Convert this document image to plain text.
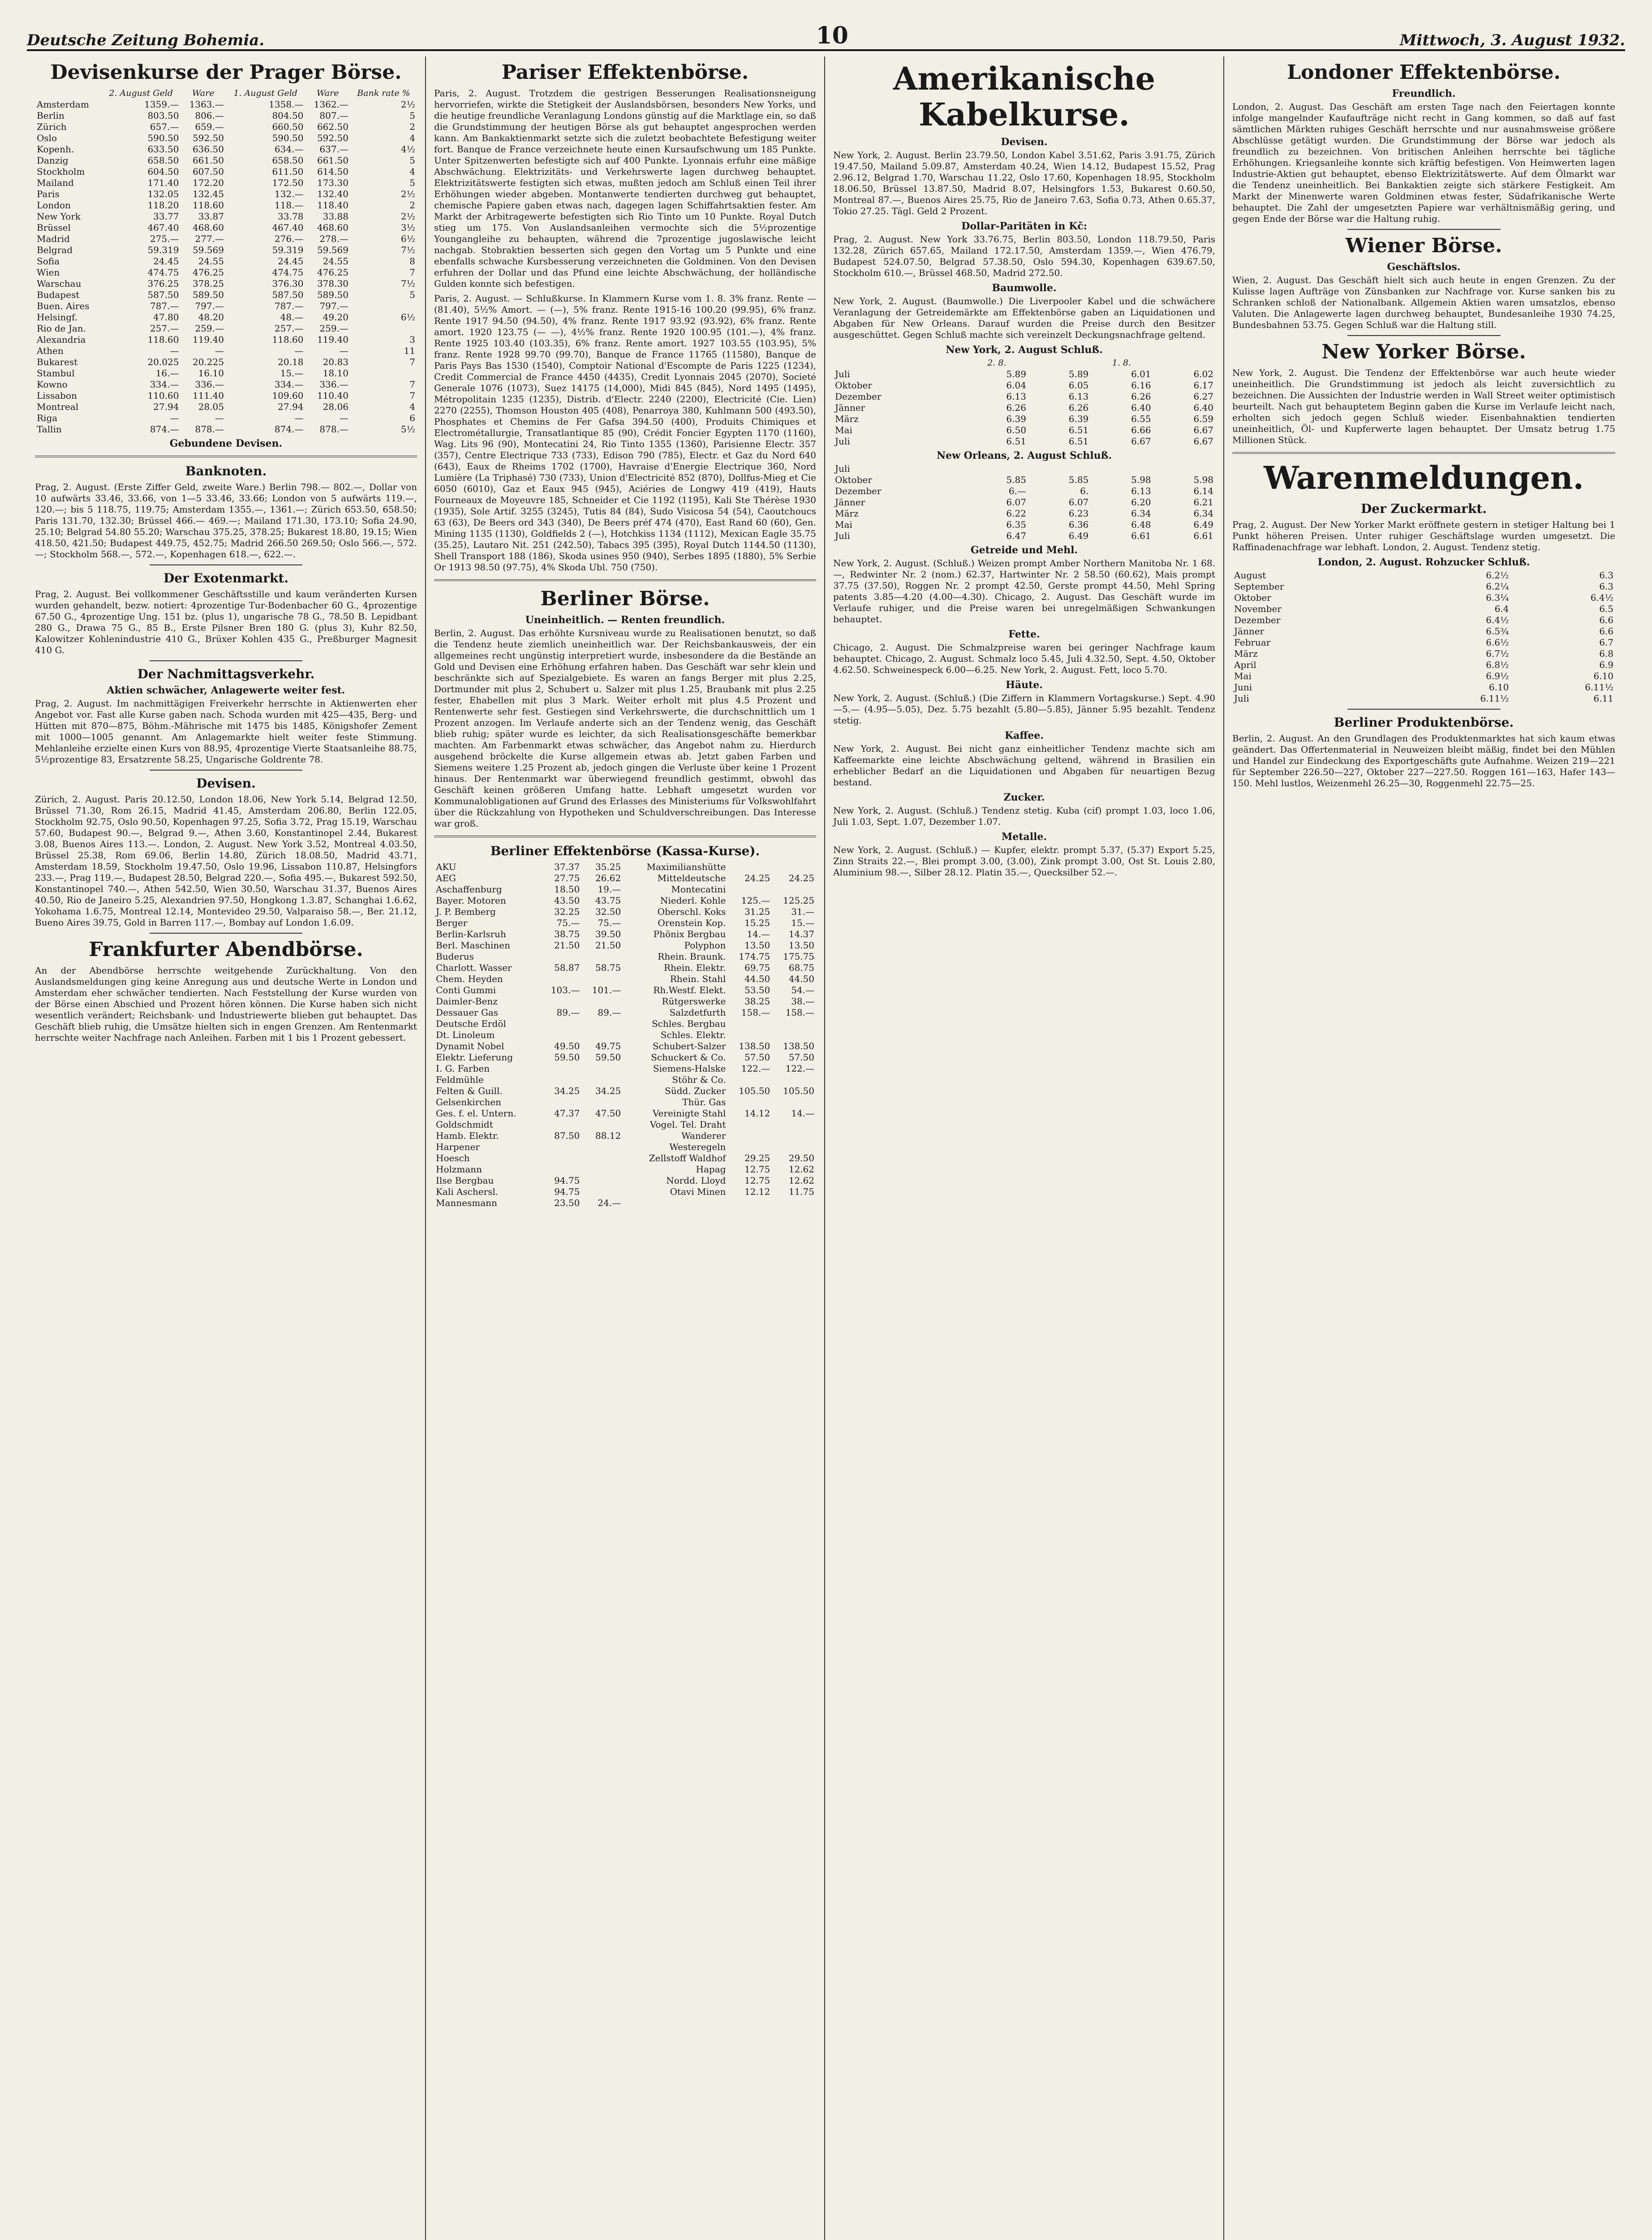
Deutsche Zeitung Bohemia.	10	Mittwoch, 3. August 1932.
Devisenkurse der Prager Börse.
	2. August Geld	Ware	1. August Geld	Ware	Bank rate %
Amsterdam	1359.—	1363.—	1358.—	1362.—	2½
Berlin	803.50	806.—	804.50	807.—	5
Zürich	657.—	659.—	660.50	662.50	2
Oslo	590.50	592.50	590.50	592.50	4
Kopenh.	633.50	636.50	634.—	637.—	4½
Danzig	658.50	661.50	658.50	661.50	5
Stockholm	604.50	607.50	611.50	614.50	4
Mailand	171.40	172.20	172.50	173.30	5
Paris	132.05	132.45	132.—	132.40	2½
London	118.20	118.60	118.—	118.40	2
New York	33.77	33.87	33.78	33.88	2½
Brüssel	467.40	468.60	467.40	468.60	3½
Madrid	275.—	277.—	276.—	278.—	6½
Belgrad	59.319	59.569	59.319	59.569	7½
Sofia	24.45	24.55	24.45	24.55	8
Wien	474.75	476.25	474.75	476.25	7
Warschau	376.25	378.25	376.30	378.30	7½
Budapest	587.50	589.50	587.50	589.50	5
Buen. Aires	787.—	797.—	787.—	797.—	
Helsingf.	47.80	48.20	48.—	49.20	6½
Rio de Jan.	257.—	259.—	257.—	259.—	
Alexandria	118.60	119.40	118.60	119.40	3
Athen	—	—	—	—	11
Bukarest	20.025	20.225	20.18	20.83	7
Stambul	16.—	16.10	15.—	18.10	
Kowno	334.—	336.—	334.—	336.—	7
Lissabon	110.60	111.40	109.60	110.40	7
Montreal	27.94	28.05	27.94	28.06	4
Riga	—	—	—	—	6
Tallin	874.—	878.—	874.—	878.—	5½
Gebundene Devisen.
Banknoten.

Prag, 2. August. (Erste Ziffer Geld, zweite Ware.) Berlin 798.— 802.—, Dollar von 10 aufwärts 33.46, 33.66, von 1—5 33.46, 33.66; London von 5 aufwärts 119.—, 120.—; bis 5 118.75, 119.75; Amsterdam 1355.—, 1361.—; Zürich 653.50, 658.50; Paris 131.70, 132.30; Brüssel 466.— 469.—; Mailand 171.30, 173.10; Sofia 24.90, 25.10; Belgrad 54.80 55.20; Warschau 375.25, 378.25; Bukarest 18.80, 19.15; Wien 418.50, 421.50; Budapest 449.75, 452.75; Madrid 266.50 269.50; Oslo 566.—, 572.—; Stockholm 568.—, 572.—, Kopenhagen 618.—, 622.—.

Der Exotenmarkt.

Prag, 2. August. Bei vollkommener Geschäftsstille und kaum veränderten Kursen wurden gehandelt, bezw. notiert: 4prozentige Tur-Bodenbacher 60 G., 4prozentige 67.50 G., 4prozentige Ung. 151 bz. (plus 1), ungarische 78 G., 78.50 B. Lepidbant 280 G., Drawa 75 G., 85 B., Erste Pilsner Bren 180 G. (plus 3), Kuhr 82.50, Kalowitzer Kohlenindustrie 410 G., Brüxer Kohlen 435 G., Preßburger Magnesit 410 G.

Der Nachmittagsverkehr.
Aktien schwächer, Anlagewerte weiter fest.

Prag, 2. August. Im nachmittägigen Freiverkehr herrschte in Aktienwerten eher Angebot vor. Fast alle Kurse gaben nach. Schoda wurden mit 425—435, Berg- und Hütten mit 870—875, Böhm.-Mährische mit 1475 bis 1485, Königshofer Zement mit 1000—1005 genannt. Am Anlagemarkte hielt weiter feste Stimmung. Mehlanleihe erzielte einen Kurs von 88.95, 4prozentige Vierte Staatsanleihe 88.75, 5½prozentige 83, Ersatzrente 58.25, Ungarische Goldrente 78.

Devisen.

Zürich, 2. August. Paris 20.12.50, London 18.06, New York 5.14, Belgrad 12.50, Brüssel 71.30, Rom 26.15, Madrid 41.45, Amsterdam 206.80, Berlin 122.05, Stockholm 92.75, Oslo 90.50, Kopenhagen 97.25, Sofia 3.72, Prag 15.19, Warschau 57.60, Budapest 90.—, Belgrad 9.—, Athen 3.60, Konstantinopel 2.44, Bukarest 3.08, Buenos Aires 113.—. London, 2. August. New York 3.52, Montreal 4.03.50, Brüssel 25.38, Rom 69.06, Berlin 14.80, Zürich 18.08.50, Madrid 43.71, Amsterdam 18.59, Stockholm 19.47.50, Oslo 19.96, Lissabon 110.87, Helsingfors 233.—, Prag 119.—, Budapest 28.50, Belgrad 220.—, Sofia 495.—, Bukarest 592.50, Konstantinopel 740.—, Athen 542.50, Wien 30.50, Warschau 31.37, Buenos Aires 40.50, Rio de Janeiro 5.25, Alexandrien 97.50, Hongkong 1.3.87, Schanghai 1.6.62, Yokohama 1.6.75, Montreal 12.14, Montevideo 29.50, Valparaiso 58.—, Ber. 21.12, Bueno Aires 39.75, Gold in Barren 117.—, Bombay auf London 1.6.09.

Frankfurter Abendbörse.

An der Abendbörse herrschte weitgehende Zurückhaltung. Von den Auslandsmeldungen ging keine Anregung aus und deutsche Werte in London und Amsterdam eher schwächer tendierten. Nach Feststellung der Kurse wurden von der Börse einen Abschied und Prozent hören können. Die Kurse haben sich nicht wesentlich verändert; Reichsbank- und Industriewerte blieben gut behauptet. Das Geschäft blieb ruhig, die Umsätze hielten sich in engen Grenzen. Am Rentenmarkt herrschte weiter Nachfrage nach Anleihen. Farben mit 1 bis 1 Prozent gebessert.

Pariser Effektenbörse.

Paris, 2. August. Trotzdem die gestrigen Besserungen Realisationsneigung hervorriefen, wirkte die Stetigkeit der Auslandsbörsen, besonders New Yorks, und die heutige freundliche Veranlagung Londons günstig auf die Marktlage ein, so daß die Grundstimmung der heutigen Börse als gut behauptet angesprochen werden kann. Am Bankaktienmarkt setzte sich die zuletzt beobachtete Befestigung weiter fort. Banque de France verzeichnete heute einen Kursaufschwung um 185 Punkte. Unter Spitzenwerten befestigte sich auf 400 Punkte. Lyonnais erfuhr eine mäßige Abschwächung. Elektrizitäts- und Verkehrswerte lagen durchweg behauptet. Elektrizitätswerte festigten sich etwas, mußten jedoch am Schluß einen Teil ihrer Erhöhungen wieder abgeben. Montanwerte tendierten durchweg gut behauptet, chemische Papiere gaben etwas nach, dagegen lagen Schiffahrtsaktien fester. Am Markt der Arbitragewerte befestigten sich Rio Tinto um 10 Punkte. Royal Dutch stieg um 175. Von Auslandsanleihen vermochte sich die 5½prozentige Youngangleihe zu behaupten, während die 7prozentige jugoslawische leicht nachgab. Stobraktien besserten sich gegen den Vortag um 5 Punkte und eine ebenfalls schwache Kursbesserung verzeichneten die Goldminen. Von den Devisen erfuhren der Dollar und das Pfund eine leichte Abschwächung, der holländische Gulden konnte sich befestigen.

Paris, 2. August. — Schlußkurse. In Klammern Kurse vom 1. 8. 3% franz. Rente — (81.40), 5½% Amort. — (—), 5% franz. Rente 1915-16 100.20 (99.95), 6% franz. Rente 1917 94.50 (94.50), 4% franz. Rente 1917 93.92 (93.92), 6% franz. Rente amort. 1920 123.75 (— —), 4½% franz. Rente 1920 100.95 (101.—), 4% franz. Rente 1925 103.40 (103.35), 6% franz. Rente amort. 1927 103.55 (103.95), 5% franz. Rente 1928 99.70 (99.70), Banque de France 11765 (11580), Banque de Paris Pays Bas 1530 (1540), Comptoir National d'Escompte de Paris 1225 (1234), Credit Commercial de France 4450 (4435), Credit Lyonnais 2045 (2070), Societé Generale 1076 (1073), Suez 14175 (14,000), Midi 845 (845), Nord 1495 (1495), Métropolitain 1235 (1235), Distrib. d'Electr. 2240 (2200), Electricité (Cie. Lien) 2270 (2255), Thomson Houston 405 (408), Penarroya 380, Kuhlmann 500 (493.50), Phosphates et Chemins de Fer Gafsa 394.50 (400), Produits Chimiques et Electrométallurgie, Transatlantique 85 (90), Crédit Foncier Egypten 1170 (1160), Wag. Lits 96 (90), Montecatini 24, Rio Tinto 1355 (1360), Parisienne Electr. 357 (357), Centre Electrique 733 (733), Edison 790 (785), Electr. et Gaz du Nord 640 (643), Eaux de Rheims 1702 (1700), Havraise d'Energie Electrique 360, Nord Lumière (La Triphasé) 730 (733), Union d'Electricité 852 (870), Dollfus-Mieg et Cie 6050 (6010), Gaz et Eaux 945 (945), Aciéries de Longwy 419 (419), Hauts Fourneaux de Moyeuvre 185, Schneider et Cie 1192 (1195), Kali Ste Thérèse 1930 (1935), Sole Artif. 3255 (3245), Tutis 84 (84), Sudo Visicosa 54 (54), Caoutchoucs 63 (63), De Beers ord 343 (340), De Beers préf 474 (470), East Rand 60 (60), Gen. Mining 1135 (1130), Goldfields 2 (—), Hotchkiss 1134 (1112), Mexican Eagle 35.75 (35.25), Lautaro Nit. 251 (242.50), Tabacs 395 (395), Royal Dutch 1144.50 (1130), Shell Transport 188 (186), Skoda usines 950 (940), Serbes 1895 (1880), 5% Serbie Or 1913 98.50 (97.75), 4% Skoda Ubl. 750 (750).

Berliner Börse.
Uneinheitlich. — Renten freundlich.

Berlin, 2. August. Das erhöhte Kursniveau wurde zu Realisationen benutzt, so daß die Tendenz heute ziemlich uneinheitlich war. Der Reichsbankausweis, der ein allgemeines recht ungünstig interpretiert wurde, insbesondere da die Bestände an Gold und Devisen eine Erhöhung erfahren haben. Das Geschäft war sehr klein und beschränkte sich auf Spezialgebiete. Es waren an fangs Berger mit plus 2.25, Dortmunder mit plus 2, Schubert u. Salzer mit plus 1.25, Braubank mit plus 2.25 fester, Ehabellen mit plus 3 Mark. Weiter erholt mit plus 4.5 Prozent und Rentenwerte sehr fest. Gestiegen sind Verkehrswerte, die durchschnittlich um 1 Prozent anzogen. Im Verlaufe anderte sich an der Tendenz wenig, das Geschäft blieb ruhig; später wurde es leichter, da sich Realisationsgeschäfte bemerkbar machten. Am Farbenmarkt etwas schwächer, das Angebot nahm zu. Hierdurch ausgehend bröckelte die Kurse allgemein etwas ab. Jetzt gaben Farben und Siemens weitere 1.25 Prozent ab, jedoch gingen die Verluste über keine 1 Prozent hinaus. Der Rentenmarkt war überwiegend freundlich gestimmt, obwohl das Geschäft keinen größeren Umfang hatte. Lebhaft umgesetzt wurden vor Kommunalobligationen auf Grund des Erlasses des Ministeriums für Volkswohlfahrt über die Rückzahlung von Hypotheken und Schuldverschreibungen. Das Interesse war groß.

Berliner Effektenbörse (Kassa-Kurse).
AKU	37.37	35.25	Maximilianshütte		
AEG	27.75	26.62	Mitteldeutsche	24.25	24.25
Aschaffenburg	18.50	19.—	Montecatini		
Bayer. Motoren	43.50	43.75	Niederl. Kohle	125.—	125.25
J. P. Bemberg	32.25	32.50	Oberschl. Koks	31.25	31.—
Berger	75.—	75.—	Orenstein Kop.	15.25	15.—
Berlin-Karlsruh	38.75	39.50	Phönix Bergbau	14.—	14.37
Berl. Maschinen	21.50	21.50	Polyphon	13.50	13.50
Buderus			Rhein. Braunk.	174.75	175.75
Charlott. Wasser	58.87	58.75	Rhein. Elektr.	69.75	68.75
Chem. Heyden			Rhein. Stahl	44.50	44.50
Conti Gummi	103.—	101.—	Rh.Westf. Elekt.	53.50	54.—
Daimler-Benz			Rütgerswerke	38.25	38.—
Dessauer Gas	89.—	89.—	Salzdetfurth	158.—	158.—
Deutsche Erdöl			Schles. Bergbau		
Dt. Linoleum			Schles. Elektr.		
Dynamit Nobel	49.50	49.75	Schubert-Salzer	138.50	138.50
Elektr. Lieferung	59.50	59.50	Schuckert & Co.	57.50	57.50
I. G. Farben			Siemens-Halske	122.—	122.—
Feldmühle			Stöhr & Co.		
Felten & Guill.	34.25	34.25	Südd. Zucker	105.50	105.50
Gelsenkirchen			Thür. Gas		
Ges. f. el. Untern.	47.37	47.50	Vereinigte Stahl	14.12	14.—
Goldschmidt			Vogel. Tel. Draht		
Hamb. Elektr.	87.50	88.12	Wanderer		
Harpener			Westeregeln		
Hoesch			Zellstoff Waldhof	29.25	29.50
Holzmann			Hapag	12.75	12.62
Ilse Bergbau	94.75		Nordd. Lloyd	12.75	12.62
Kali Aschersl.	94.75		Otavi Minen	12.12	11.75
Mannesmann	23.50	24.—			
Amerikanische Kabelkurse.
Devisen.

New York, 2. August. Berlin 23.79.50, London Kabel 3.51.62, Paris 3.91.75, Zürich 19.47.50, Mailand 5.09.87, Amsterdam 40.24, Wien 14.12, Budapest 15.52, Prag 2.96.12, Belgrad 1.70, Warschau 11.22, Oslo 17.60, Kopenhagen 18.95, Stockholm 18.06.50, Brüssel 13.87.50, Madrid 8.07, Helsingfors 1.53, Bukarest 0.60.50, Montreal 87.—, Buenos Aires 25.75, Rio de Janeiro 7.63, Sofia 0.73, Athen 0.65.37, Tokio 27.25. Tägl. Geld 2 Prozent.

Dollar-Paritäten in Kč:

Prag, 2. August. New York 33.76.75, Berlin 803.50, London 118.79.50, Paris 132.28, Zürich 657.65, Mailand 172.17.50, Amsterdam 1359.—, Wien 476.79, Budapest 524.07.50, Belgrad 57.38.50, Oslo 594.30, Kopenhagen 639.67.50, Stockholm 610.—, Brüssel 468.50, Madrid 272.50.

Baumwolle.

New York, 2. August. (Baumwolle.) Die Liverpooler Kabel und die schwächere Veranlagung der Getreidemärkte am Effektenbörse gaben an Liquidationen und Abgaben für New Orleans. Darauf wurden die Preise durch den Besitzer ausgeschüttet. Gegen Schluß machte sich vereinzelt Deckungsnachfrage geltend.

New York, 2. August Schluß.
	2. 8.		1. 8.	
Juli	5.89	5.89	6.01	6.02
Oktober	6.04	6.05	6.16	6.17
Dezember	6.13	6.13	6.26	6.27
Jänner	6.26	6.26	6.40	6.40
März	6.39	6.39	6.55	6.59
Mai	6.50	6.51	6.66	6.67
Juli	6.51	6.51	6.67	6.67
New Orleans, 2. August Schluß.
Juli				
Oktober	5.85	5.85	5.98	5.98
Dezember	6.—	6.	6.13	6.14
Jänner	6.07	6.07	6.20	6.21
März	6.22	6.23	6.34	6.34
Mai	6.35	6.36	6.48	6.49
Juli	6.47	6.49	6.61	6.61
Getreide und Mehl.

New York, 2. August. (Schluß.) Weizen prompt Amber Northern Manitoba Nr. 1 68.—, Redwinter Nr. 2 (nom.) 62.37, Hartwinter Nr. 2 58.50 (60.62), Mais prompt 37.75 (37.50), Roggen Nr. 2 prompt 42.50, Gerste prompt 44.50, Mehl Spring patents 3.85—4.20 (4.00—4.30). Chicago, 2. August. Das Geschäft wurde im Verlaufe ruhiger, und die Preise waren bei unregelmäßigen Schwankungen behauptet.

Fette.

Chicago, 2. August. Die Schmalzpreise waren bei geringer Nachfrage kaum behauptet. Chicago, 2. August. Schmalz loco 5.45, Juli 4.32.50, Sept. 4.50, Oktober 4.62.50. Schweinespeck 6.00—6.25. New York, 2. August. Fett, loco 5.70.

Häute.

New York, 2. August. (Schluß.) (Die Ziffern in Klammern Vortagskurse.) Sept. 4.90—5.— (4.95—5.05), Dez. 5.75 bezahlt (5.80—5.85), Jänner 5.95 bezahlt. Tendenz stetig.

Kaffee.

New York, 2. August. Bei nicht ganz einheitlicher Tendenz machte sich am Kaffeemarkte eine leichte Abschwächung geltend, während in Brasilien ein erheblicher Bedarf an die Liquidationen und Abgaben für neuartigen Bezug bestand.

Zucker.

New York, 2. August. (Schluß.) Tendenz stetig. Kuba (cif) prompt 1.03, loco 1.06, Juli 1.03, Sept. 1.07, Dezember 1.07.

Metalle.

New York, 2. August. (Schluß.) — Kupfer, elektr. prompt 5.37, (5.37) Export 5.25, Zinn Straits 22.—, Blei prompt 3.00, (3.00), Zink prompt 3.00, Ost St. Louis 2.80, Aluminium 98.—, Silber 28.12. Platin 35.—, Quecksilber 52.—.

Londoner Effektenbörse.
Freundlich.

London, 2. August. Das Geschäft am ersten Tage nach den Feiertagen konnte infolge mangelnder Kaufaufträge nicht recht in Gang kommen, so daß auf fast sämtlichen Märkten ruhiges Geschäft herrschte und nur ausnahmsweise größere Abschlüsse getätigt wurden. Die Grundstimmung der Börse war jedoch als freundlich zu bezeichnen. Von britischen Anleihen herrschte bei tägliche Erhöhungen. Kriegsanleihe konnte sich kräftig befestigen. Von Heimwerten lagen Industrie-Aktien gut behauptet, ebenso Elektrizitätswerte. Auf dem Ölmarkt war die Tendenz uneinheitlich. Bei Bankaktien zeigte sich stärkere Festigkeit. Am Markt der Minenwerte waren Goldminen etwas fester, Südafrikanische Werte behauptet. Die Zahl der umgesetzten Papiere war verhältnismäßig gering, und gegen Ende der Börse war die Haltung ruhig.

Wiener Börse.
Geschäftslos.

Wien, 2. August. Das Geschäft hielt sich auch heute in engen Grenzen. Zu der Kulisse lagen Aufträge von Zünsbanken zur Nachfrage vor. Kurse sanken bis zu Schranken schloß der Nationalbank. Allgemein Aktien waren umsatzlos, ebenso Valuten. Die Anlagewerte lagen durchweg behauptet, Bundesanleihe 1930 74.25, Bundesbahnen 53.75. Gegen Schluß war die Haltung still.

New Yorker Börse.

New York, 2. August. Die Tendenz der Effektenbörse war auch heute wieder uneinheitlich. Die Grundstimmung ist jedoch als leicht zuversichtlich zu bezeichnen. Die Aussichten der Industrie werden in Wall Street weiter optimistisch beurteilt. Nach gut behauptetem Beginn gaben die Kurse im Verlaufe leicht nach, erholten sich jedoch gegen Schluß wieder. Eisenbahnaktien tendierten uneinheitlich, Öl- und Kupferwerte lagen behauptet. Der Umsatz betrug 1.75 Millionen Stück.

Warenmeldungen.
Der Zuckermarkt.

Prag, 2. August. Der New Yorker Markt eröffnete gestern in stetiger Haltung bei 1 Punkt höheren Preisen. Unter ruhiger Geschäftslage wurden umgesetzt. Die Raffinadenachfrage war lebhaft. London, 2. August. Tendenz stetig.

London, 2. August. Rohzucker Schluß.
August	6.2½	6.3
September	6.2¼	6.3
Oktober	6.3¼	6.4½
November	6.4	6.5
Dezember	6.4½	6.6
Jänner	6.5¾	6.6
Februar	6.6½	6.7
März	6.7½	6.8
April	6.8½	6.9
Mai	6.9½	6.10
Juni	6.10	6.11½
Juli	6.11½	6.11
Berliner Produktenbörse.

Berlin, 2. August. An den Grundlagen des Produktenmarktes hat sich kaum etwas geändert. Das Offertenmaterial in Neuweizen bleibt mäßig, findet bei den Mühlen und Handel zur Eindeckung des Exportgeschäfts gute Aufnahme. Weizen 219—221 für September 226.50—227, Oktober 227—227.50. Roggen 161—163, Hafer 143—150. Mehl lustlos, Weizenmehl 26.25—30, Roggenmehl 22.75—25.
